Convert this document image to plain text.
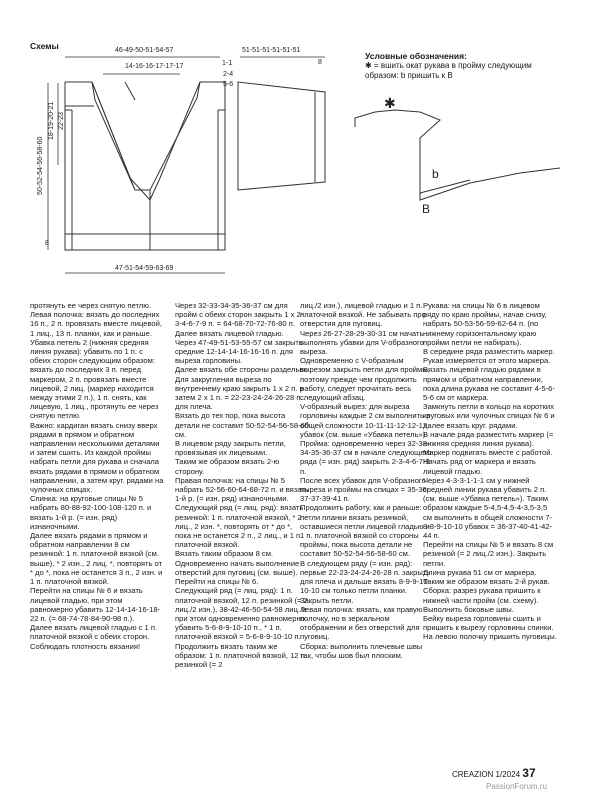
46-49-50-51-54-57
14-16-16-17-17-17	1-1
2-4
5-6
51-51-51-51-51-51
8
47-51-54-59-63-69
8
50-52-54-56-58-60
18-19-20-21 22-23
✱
b
B
Схемы
Условные обозначения:
✱ = вшить окат рукава в пройму следующим образом: b пришить к B
протянуть ее через снятую петлю.
Левая полочка: вязать до последних 16 п., 2 п. провязать вместе лицевой, 1 лиц., 13 п. планки, как и раньше.
Убавка петель 2 (нижняя средняя линия рукава): убавить по 1 п. с обеих сторон следующим образом: вязать до последних 3 п. перед маркером, 2 п. провязать вместе лицевой, 2 лиц. (маркер находится между этими 2 п.), 1 п. снять, как лицевую, 1 лиц., протянуть ее через снятую петлю.
Важно: кардиган вязать снизу вверх рядами в прямом и обратном направлении несколькими деталями и затем сшить. Из каждой проймы набрать петли для рукава и сначала вязать рядами в прямом и обратном направлении, а затем круг. рядами на чулочных спицах.
Спинка: на круговые спицы № 5 набрать 80-88-92-100-108-120 п. и вязать 1-й р. (= изн. ряд) изнаночными.
Далее вязать рядами в прямом и обратном направлении 8 см резинкой: 1 п. платочной вязкой (см. выше), * 2 изн., 2 лиц. *, повторять от * до *, пока не останется 3 п., 2 изн. и 1 п. платочной вязкой.
Перейти на спицы № 6 и вязать лицевой гладью, при этом равномерно убавить 12-14-14-16-18-22 п. (= 68-74-78-84-90-98 п.).
Далее вязать лицевой гладью с 1 п. платочной вязкой с обеих сторон. Соблюдать плотность вязания!
Через 32-33-34-35-36-37 см для пройм с обеих сторон закрыть 1 х 2-3-4-6-7-9 п. = 64-68-70-72-76-80 п.
Далее вязать лицевой гладью.
Через 47-49-51-53-55-57 см закрыть средние 12-14-14-16-16-16 п. для выреза горловины.
Далее вязать обе стороны раздельно.
Для закругления выреза по внутреннему краю закрыть 1 х 2 п. и затем 2 х 1 п. = 22-23-24-24-26-28 п. для плеча.
Вязать до тех пор, пока высота детали не составит 50-52-54-56-58-60 см.
В лицевом ряду закрыть петли, провязывая их лицевыми.
Таким же образом вязать 2-ю сторону.
Правая полочка: на спицы № 5 набрать 52-56-60-64-68-72 п. и вязать 1-й р. (= изн. ряд) изнаночными.
Следующий ряд (= лиц. ряд): вязать резинкой: 1 п. платочной вязкой, * 2 лиц., 2 изн. *, повторять от * до *, пока не останется 2 п., 2 лиц., и 1 п. платочной вязкой.
Вязать таким образом 8 см.
Одновременно начать выполнение отверстий для пуговиц (см. выше).
Перейти на спицы № 6.
Следующий ряд (= лиц. ряд): 1 п. платочной вязкой, 12 п. резинкой (= 2 лиц./2 изн.), 38-42-46-50-54-58 лиц. и при этом одновременно равномерно убавить 5-6-8-9-10-10 п., * 1 п. платочной вязкой = 5-6-8-9-10-10 п.
Продолжить вязать таким же образом: 1 п. платочной вязкой, 12 п. резинкой (= 2
лиц./2 изн.), лицевой гладью и 1 п. платочной вязкой. Не забывать про отверстия для пуговиц.
Через 26-27-28-29-30-31 см начать выполнять убавки для V-образного выреза.
Одновременно с V-образным вырезом закрыть петли для проймы, поэтому прежде чем продолжить работу, следует прочитать весь следующий абзац.
V-образный вырез: для выреза горловины каждые 2 см выполнить в общей сложности 10-11-11-12-12-12 убавок (см. выше «Убавка петель»).
Пройма: одновременно через 32-33-34-35-36-37 см в начале следующего ряда (= изн. ряд) закрыть 2-3-4-6-7-9 п.
После всех убавок для V-образного выреза и проймы на спицах = 35-36-37-37-39-41 п.
Продолжить работу, как и раньше: петли планки вязать резинкой, оставшиеся петли лицевой гладью и 1 п. платочной вязкой со стороны проймы, пока высота детали не составит 50-52-54-56-58-60 см.
В следующем ряду (= изн. ряд): первые 22-23-24-24-26-28 п. закрыть для плеча и дальше вязать 8-9-9-10-10-10 см только петли планки. Закрыть петли.
Левая полочка: вязать, как правую полочку, но в зеркальном отображении и без отверстий для пуговиц.
Сборка: выполнить плечевые швы так, чтобы шов был плоским.
Рукава: на спицы № 6 в лицевом ряду по краю проймы, начав снизу, набрать 50-53-56-59-62-64 п. (по нижнему горизонтальному краю пройми петли не набирать).
В середине ряда разместить маркер. Рукав измеряется от этого маркера.
Вязать лицевой гладью рядами в прямом и обратном направлении, пока длина рукава не составит 4-5-6-5-6 см от маркера.
Замкнуть петли в кольцо на коротких круговых или чулочных спицах № 6 и далее вязать круг. рядами.
В начале ряда разместить маркер (= нижняя средняя линия рукава). Маркер подвигать вместе с работой.
Начать ряд от маркера и вязать лицевой гладью.
Через 4-3-3-1-1-1 см у нижней средней линии рукава убавить 2 п. (см. выше «Убавка петель»). Таким образом каждые 5-4,5-4,5-4-3,5-3,5 см выполнить в общей сложности 7-8-8-9-10-10 убавок = 36-37-40-41-42-44 п.
Перейти на спицы № 5 и вязать 8 см резинкой (= 2 лиц./2 изн.). Закрыть петли.
Длина рукава 51 см от маркера.
Таким же образом вязать 2-й рукав.
Сборка: разрез рукава пришить к нижней части пройм (см. схему). Выполнить боковые швы.
Бейку выреза горловины сшить и пришить к вырезу горловины спинки.
На левою полочку пришить пуговицы.
CREAZION 1/2024 37
PassionForum.ru
